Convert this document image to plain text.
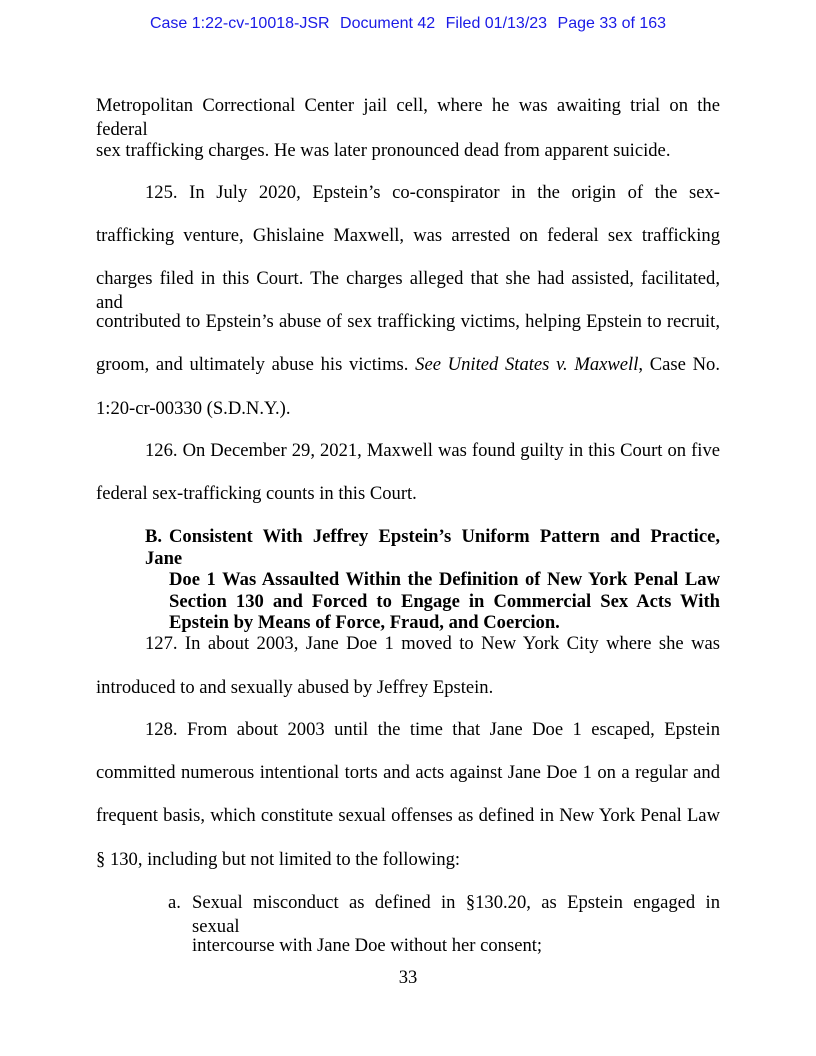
Case 1:22-cv-10018-JSR Document 42 Filed 01/13/23 Page 33 of 163

Metropolitan Correctional Center jail cell, where he was awaiting trial on the federal

sex trafficking charges. He was later pronounced dead from apparent suicide.

125. In July 2020, Epstein’s co-conspirator in the origin of the sex-

trafficking venture, Ghislaine Maxwell, was arrested on federal sex trafficking

charges filed in this Court. The charges alleged that she had assisted, facilitated, and

contributed to Epstein’s abuse of sex trafficking victims, helping Epstein to recruit,

groom, and ultimately abuse his victims. See United States v. Maxwell, Case No.

1:20-cr-00330 (S.D.N.Y.).

126. On December 29, 2021, Maxwell was found guilty in this Court on five

federal sex-trafficking counts in this Court.

B. Consistent With Jeffrey Epstein’s Uniform Pattern and Practice, Jane
Doe 1 Was Assaulted Within the Definition of New York Penal Law
Section 130 and Forced to Engage in Commercial Sex Acts With
Epstein by Means of Force, Fraud, and Coercion.

127. In about 2003, Jane Doe 1 moved to New York City where she was

introduced to and sexually abused by Jeffrey Epstein.

128. From about 2003 until the time that Jane Doe 1 escaped, Epstein

committed numerous intentional torts and acts against Jane Doe 1 on a regular and

frequent basis, which constitute sexual offenses as defined in New York Penal Law

§ 130, including but not limited to the following:

a. Sexual misconduct as defined in §130.20, as Epstein engaged in sexual

intercourse with Jane Doe without her consent;

33
